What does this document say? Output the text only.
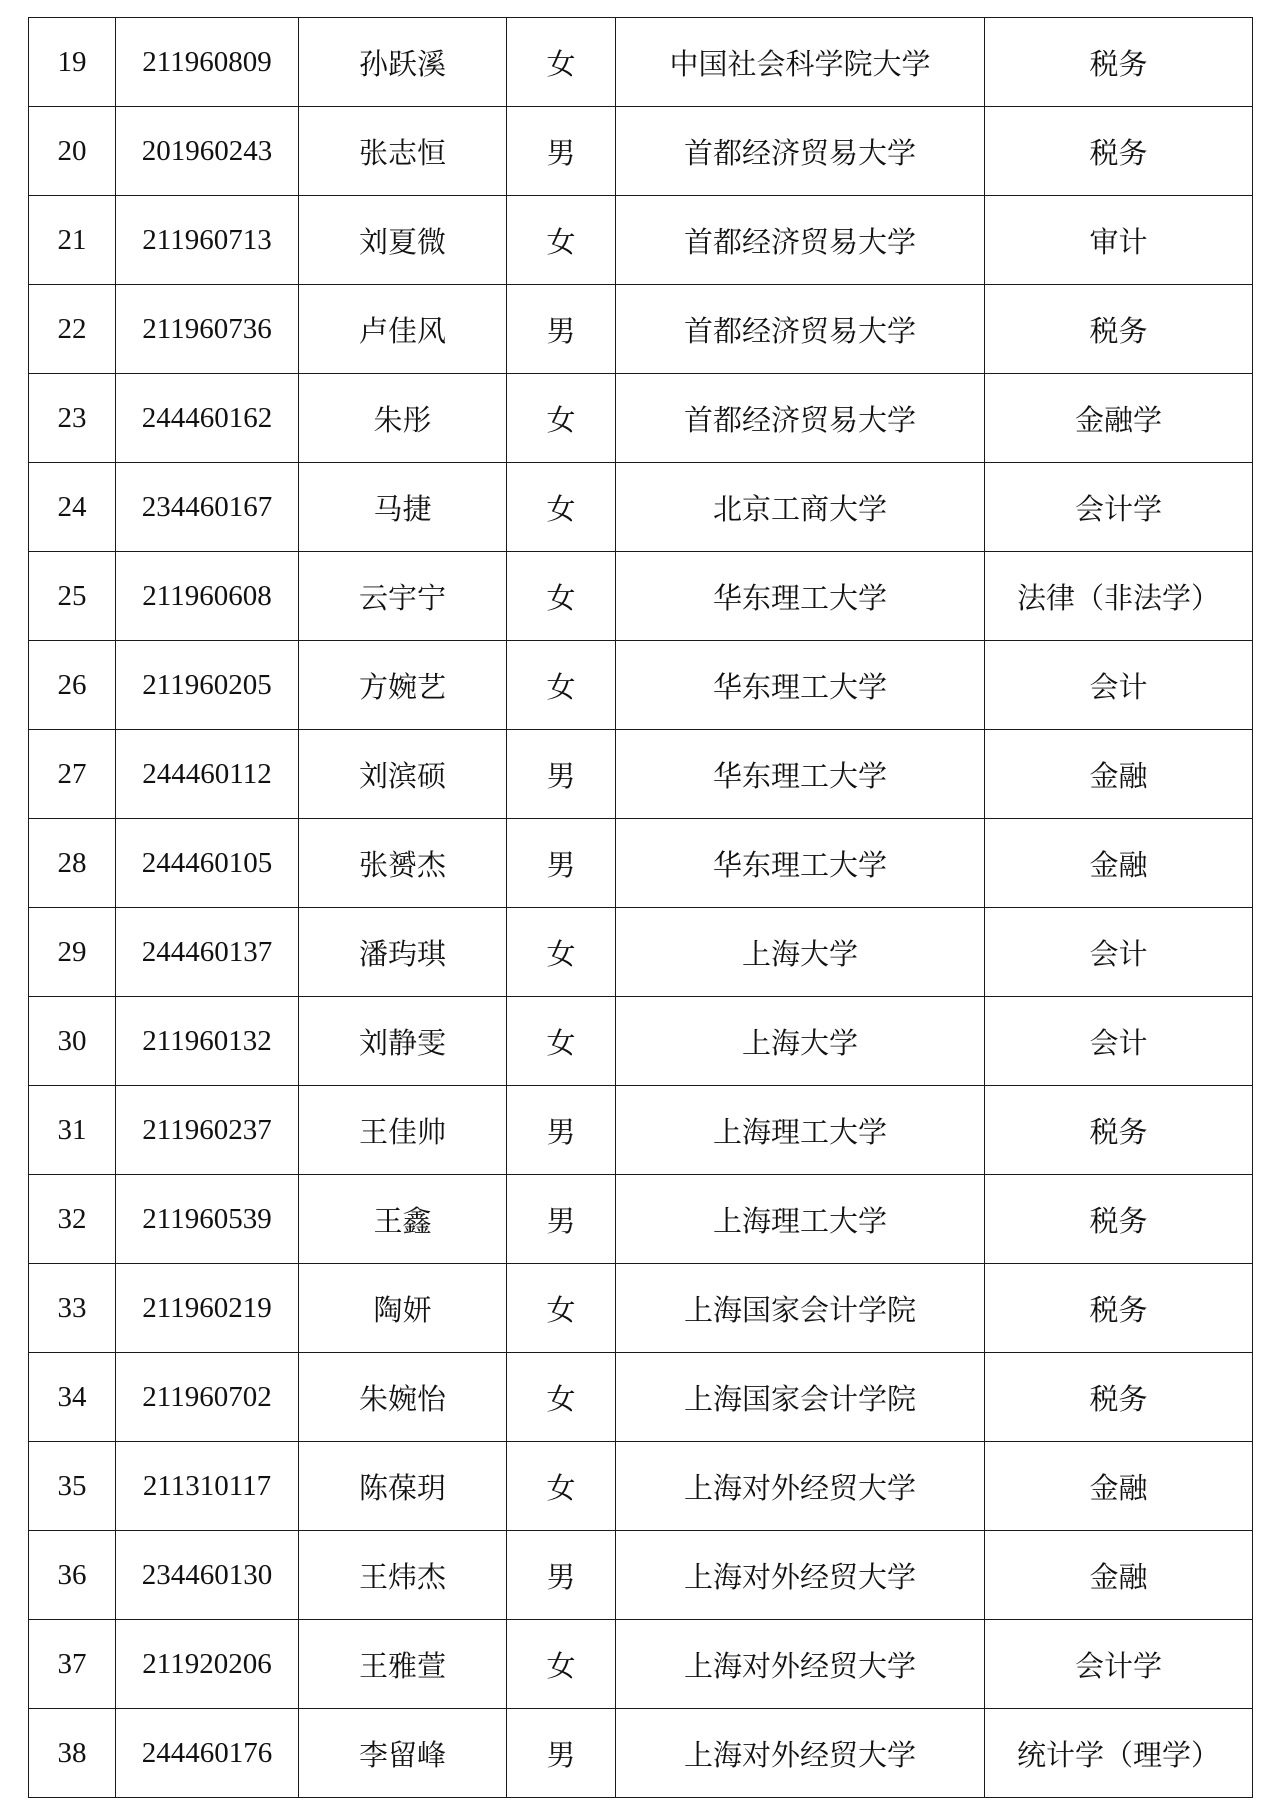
19	211960809	孙跃溪	女	中国社会科学院大学	税务
20	201960243	张志恒	男	首都经济贸易大学	税务
21	211960713	刘夏微	女	首都经济贸易大学	审计
22	211960736	卢佳风	男	首都经济贸易大学	税务
23	244460162	朱彤	女	首都经济贸易大学	金融学
24	234460167	马捷	女	北京工商大学	会计学
25	211960608	云宇宁	女	华东理工大学	法律（非法学）
26	211960205	方婉艺	女	华东理工大学	会计
27	244460112	刘滨硕	男	华东理工大学	金融
28	244460105	张赟杰	男	华东理工大学	金融
29	244460137	潘玙琪	女	上海大学	会计
30	211960132	刘静雯	女	上海大学	会计
31	211960237	王佳帅	男	上海理工大学	税务
32	211960539	王鑫	男	上海理工大学	税务
33	211960219	陶妍	女	上海国家会计学院	税务
34	211960702	朱婉怡	女	上海国家会计学院	税务
35	211310117	陈葆玥	女	上海对外经贸大学	金融
36	234460130	王炜杰	男	上海对外经贸大学	金融
37	211920206	王雅萱	女	上海对外经贸大学	会计学
38	244460176	李留峰	男	上海对外经贸大学	统计学（理学）
